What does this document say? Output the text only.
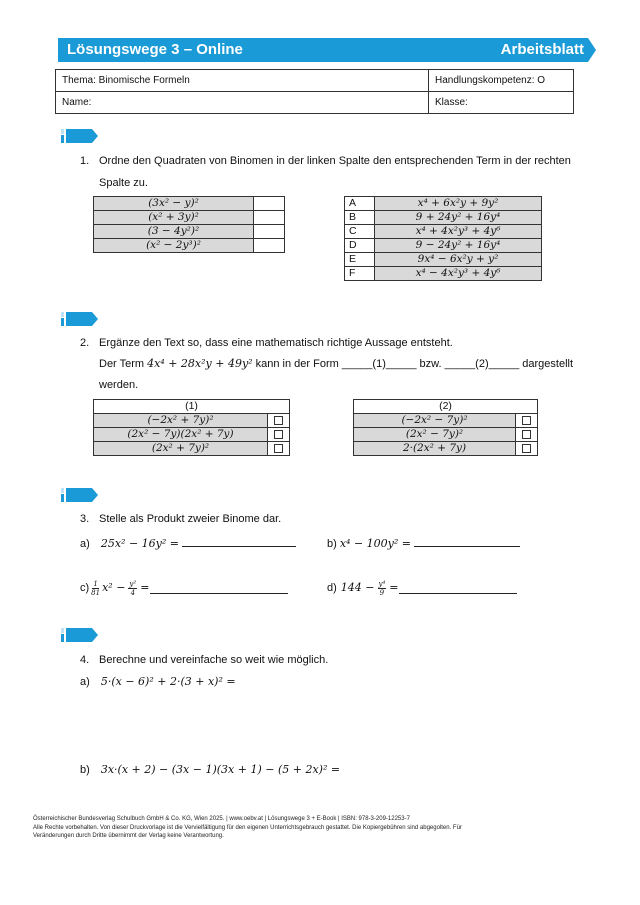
Lösungswege 3 – Online	Arbeitsblatt
Thema: Binomische Formeln	Handlungskompetenz: O
Name:	Klasse:
1. Ordne den Quadraten von Binomen in der linken Spalte den entsprechenden Term in der rechten
Spalte zu.
(3x² − y)²	
(x² + 3y)²	
(3 − 4y²)²	
(x² − 2y³)²	
A	x⁴ + 6x²y + 9y²
B	9 + 24y² + 16y⁴
C	x⁴ + 4x²y³ + 4y⁶
D	9 − 24y² + 16y⁴
E	9x⁴ − 6x²y + y²
F	x⁴ − 4x²y³ + 4y⁶
2. Ergänze den Text so, dass eine mathematisch richtige Aussage entsteht.
Der Term 4x⁴ + 28x²y + 49y² kann in der Form _____(1)_____ bzw. _____(2)_____ dargestellt
werden.
(1)	
(−2x² + 7y)²	
(2x² − 7y)(2x² + 7y)	
(2x² + 7y)²	
(2)	
(−2x² − 7y)²	
(2x² − 7y)²	
2·(2x² + 7y)	
3. Stelle als Produkt zweier Binome dar.
a) 25x² − 16y² =	b) x⁴ − 100y² =
c) 1
81 $x^2 - \frac{\text{y²}}{4}$ =	d) $144 - \frac{\text{y⁴}}{9}$ =
4. Berechne und vereinfache so weit wie möglich.
a) 5·(x − 6)² + 2·(3 + x)² =
b) 3x·(x + 2) − (3x − 1)(3x + 1) − (5 + 2x)² =
Österreichischer Bundesverlag Schulbuch GmbH & Co. KG, Wien 2025. | www.oebv.at | Lösungswege 3 + E-Book | ISBN: 978-3-209-12253-7
Alle Rechte vorbehalten. Von dieser Druckvorlage ist die Vervielfältigung für den eigenen Unterrichtsgebrauch gestattet. Die Kopiergebühren sind abgegolten. Für
Veränderungen durch Dritte übernimmt der Verlag keine Verantwortung.
